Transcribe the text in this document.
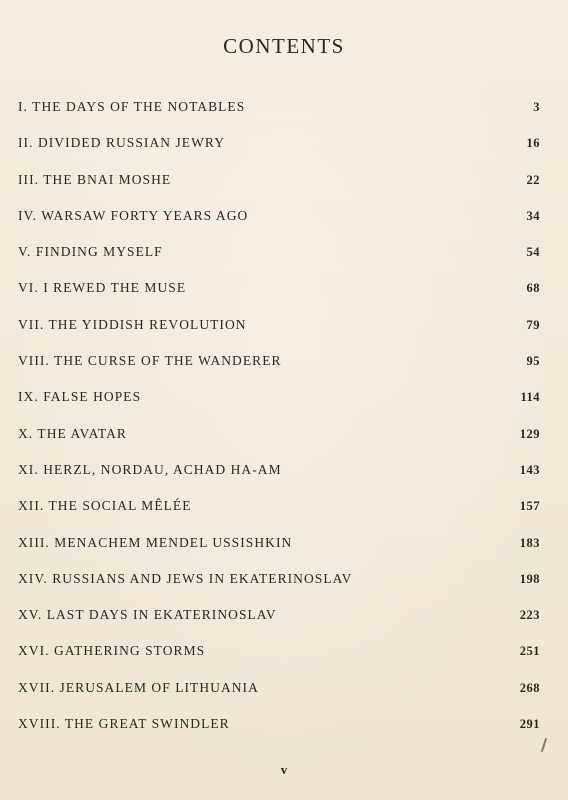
CONTENTS
I. THE DAYS OF THE NOTABLES	3
II. DIVIDED RUSSIAN JEWRY	16
III. THE BNAI MOSHE	22
IV. WARSAW FORTY YEARS AGO	34
V. FINDING MYSELF	54
VI. I REWED THE MUSE	68
VII. THE YIDDISH REVOLUTION	79
VIII. THE CURSE OF THE WANDERER	95
IX. FALSE HOPES	114
X. THE AVATAR	129
XI. HERZL, NORDAU, ACHAD HA-AM	143
XII. THE SOCIAL MÊLÉE	157
XIII. MENACHEM MENDEL USSISHKIN	183
XIV. RUSSIANS AND JEWS IN EKATERINOSLAV	198
XV. LAST DAYS IN EKATERINOSLAV	223
XVI. GATHERING STORMS	251
XVII. JERUSALEM OF LITHUANIA	268
XVIII. THE GREAT SWINDLER	291
v
